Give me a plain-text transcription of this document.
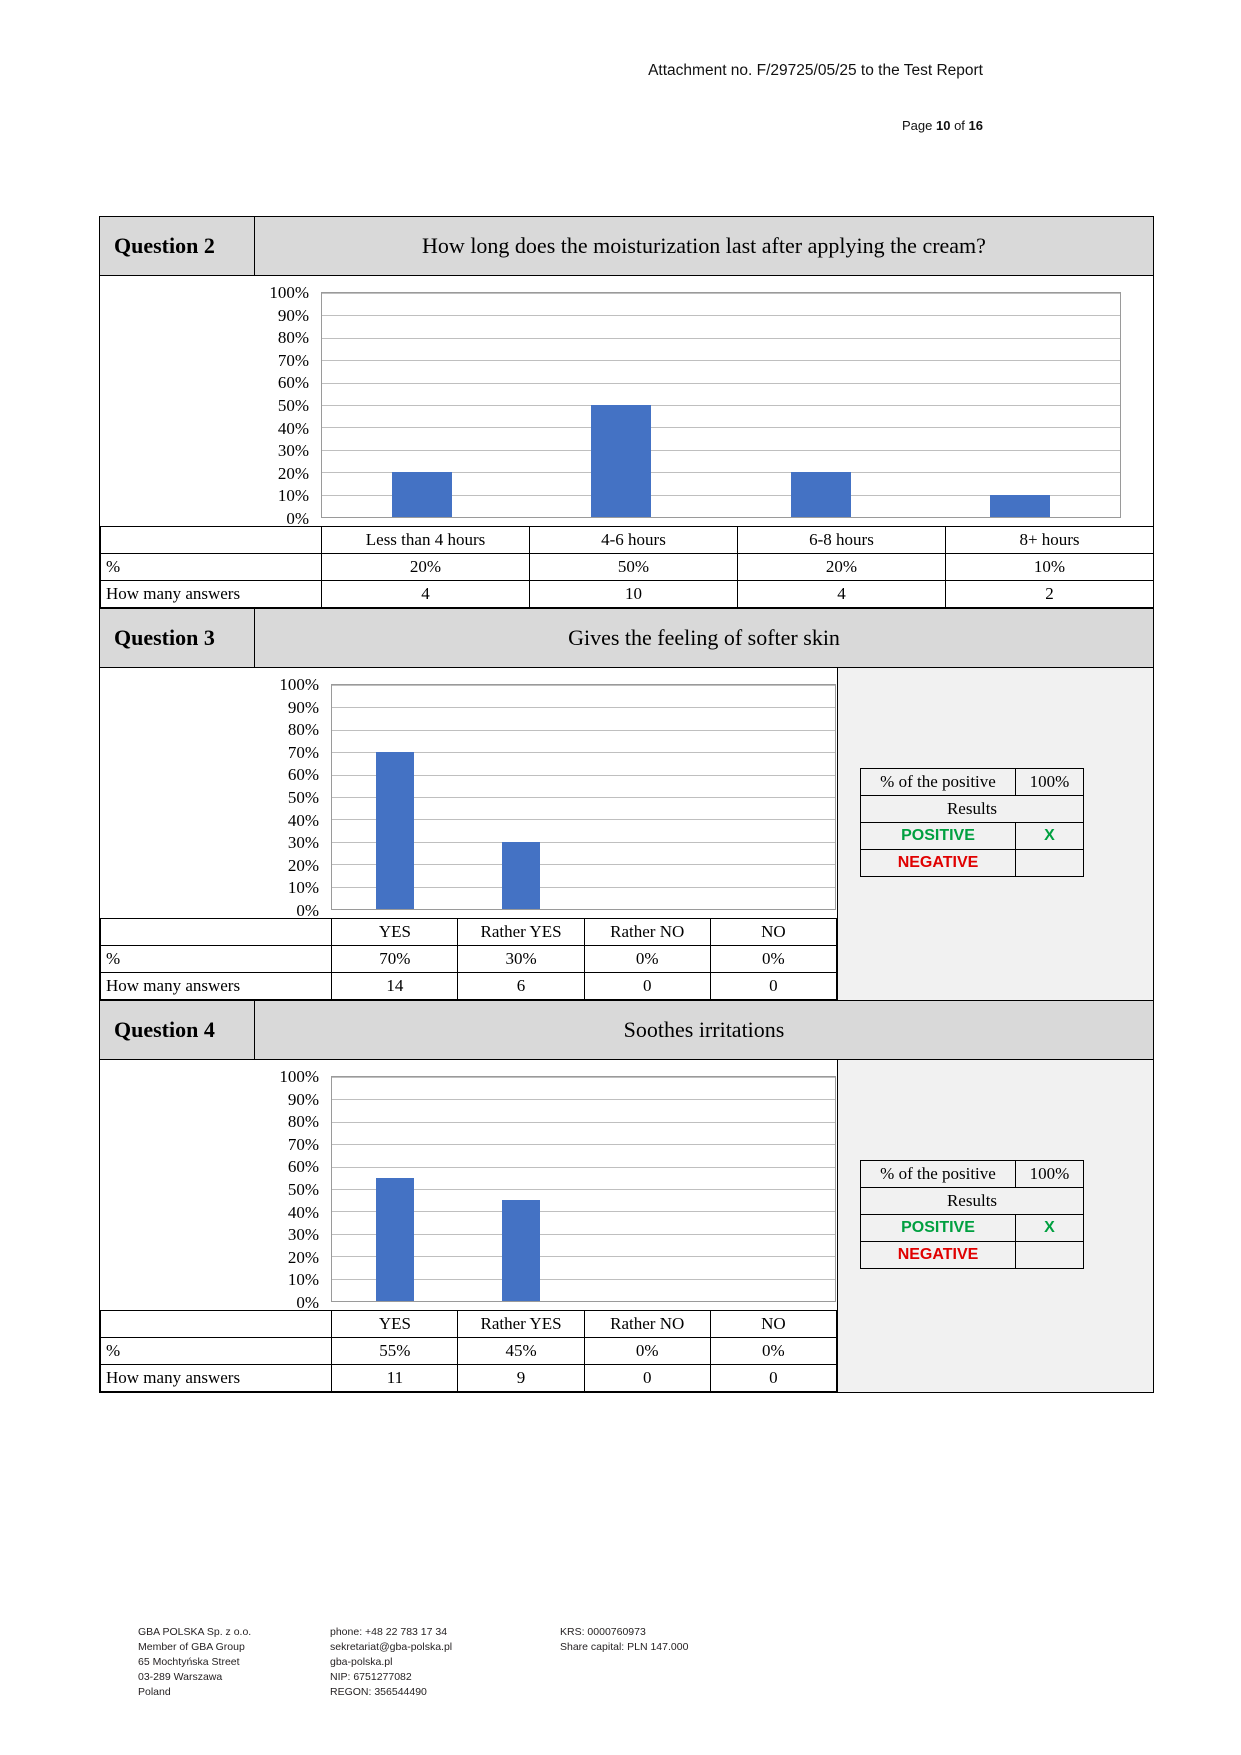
Attachment no. F/29725/05/25 to the Test Report
Page 10 of 16
Question 2	How long does the moisturization last after applying the cream?
100%
90%
80%
70%
60%
50%
40%
30%
20%
10%
0%
	Less than 4 hours	4-6 hours	6-8 hours	8+ hours
%	20%	50%	20%	10%
How many answers	4	10	4	2
Question 3	Gives the feeling of softer skin
100%
90%
80%
70%
60%
50%
40%
30%
20%
10%
0%
	YES	Rather YES	Rather NO	NO
%	70%	30%	0%	0%
How many answers	14	6	0	0
% of the positive	100%
Results	
POSITIVE	X
NEGATIVE	
Question 4	Soothes irritations
100%
90%
80%
70%
60%
50%
40%
30%
20%
10%
0%
	YES	Rather YES	Rather NO	NO
%	55%	45%	0%	0%
How many answers	11	9	0	0
% of the positive	100%
Results	
POSITIVE	X
NEGATIVE	
GBA POLSKA Sp. z o.o.
Member of GBA Group
65 Mochtyńska Street
03-289 Warszawa
Poland
phone: +48 22 783 17 34
sekretariat@gba-polska.pl
gba-polska.pl
NIP: 6751277082
REGON: 356544490
KRS: 0000760973
Share capital: PLN 147.000
